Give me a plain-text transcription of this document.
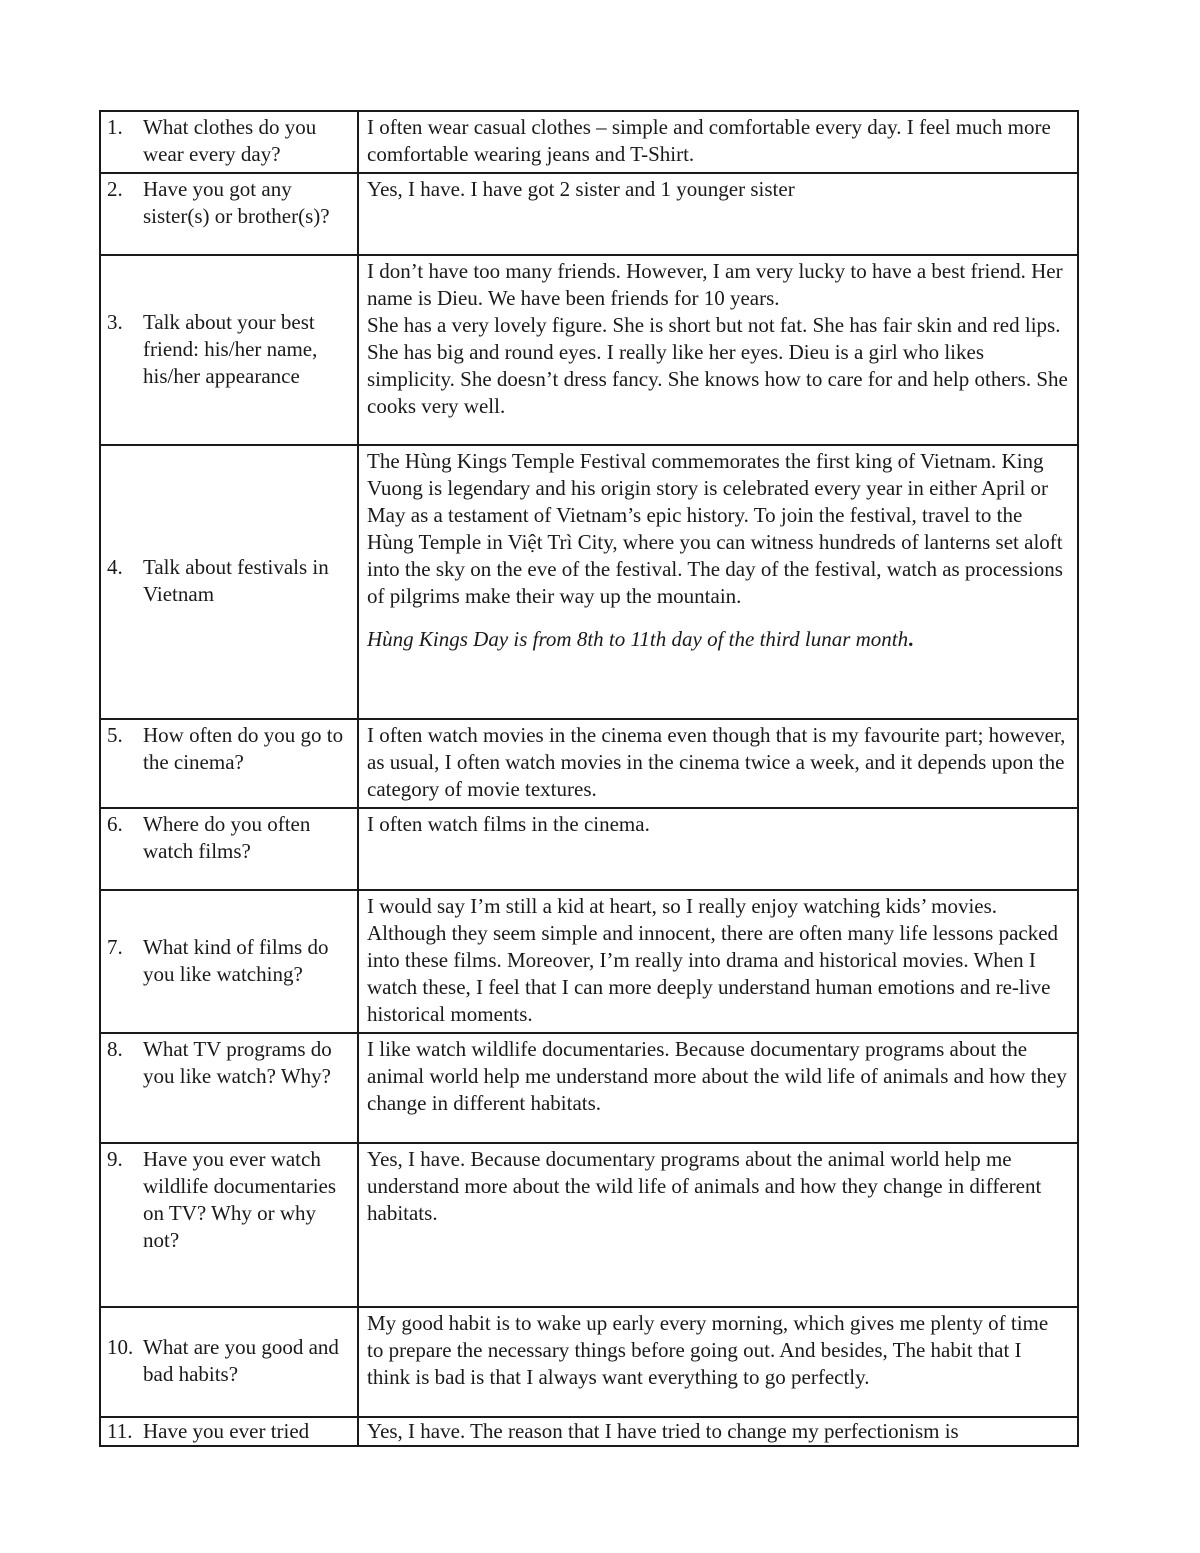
1. What clothes do you wear every day?	I often wear casual clothes – simple and comfortable every day. I feel much more comfortable wearing jeans and T-Shirt.

2. Have you got any sister(s) or brother(s)?	Yes, I have. I have got 2 sister and 1 younger sister

3. Talk about your best friend: his/her name, his/her appearance	I don’t have too many friends. However, I am very lucky to have a best friend. Her name is Dieu. We have been friends for 10 years.
She has a very lovely figure. She is short but not fat. She has fair skin and red lips. She has big and round eyes. I really like her eyes. Dieu is a girl who likes simplicity. She doesn’t dress fancy. She knows how to care for and help others. She cooks very well.

4. Talk about festivals in Vietnam	The Hùng Kings Temple Festival commemorates the first king of Vietnam. King Vuong is legendary and his origin story is celebrated every year in either April or May as a testament of Vietnam’s epic history. To join the festival, travel to the Hùng Temple in Việt Trì City, where you can witness hundreds of lanterns set aloft into the sky on the eve of the festival. The day of the festival, watch as processions of pilgrims make their way up the mountain.
Hùng Kings Day is from 8th to 11th day of the third lunar month.

5. How often do you go to the cinema?	I often watch movies in the cinema even though that is my favourite part; however, as usual, I often watch movies in the cinema twice a week, and it depends upon the category of movie textures.

6. Where do you often watch films?	I often watch films in the cinema.

7. What kind of films do you like watching?	I would say I’m still a kid at heart, so I really enjoy watching kids’ movies. Although they seem simple and innocent, there are often many life lessons packed into these films. Moreover, I’m really into drama and historical movies. When I watch these, I feel that I can more deeply understand human emotions and re-live historical moments.

8. What TV programs do you like watch? Why?	I like watch wildlife documentaries. Because documentary programs about the animal world help me understand more about the wild life of animals and how they change in different habitats.

9. Have you ever watch wildlife documentaries on TV? Why or why not?	Yes, I have. Because documentary programs about the animal world help me understand more about the wild life of animals and how they change in different habitats.

10. What are you good and bad habits?	My good habit is to wake up early every morning, which gives me plenty of time to prepare the necessary things before going out. And besides, The habit that I think is bad is that I always want everything to go perfectly.

11. Have you ever tried	Yes, I have. The reason that I have tried to change my perfectionism is
